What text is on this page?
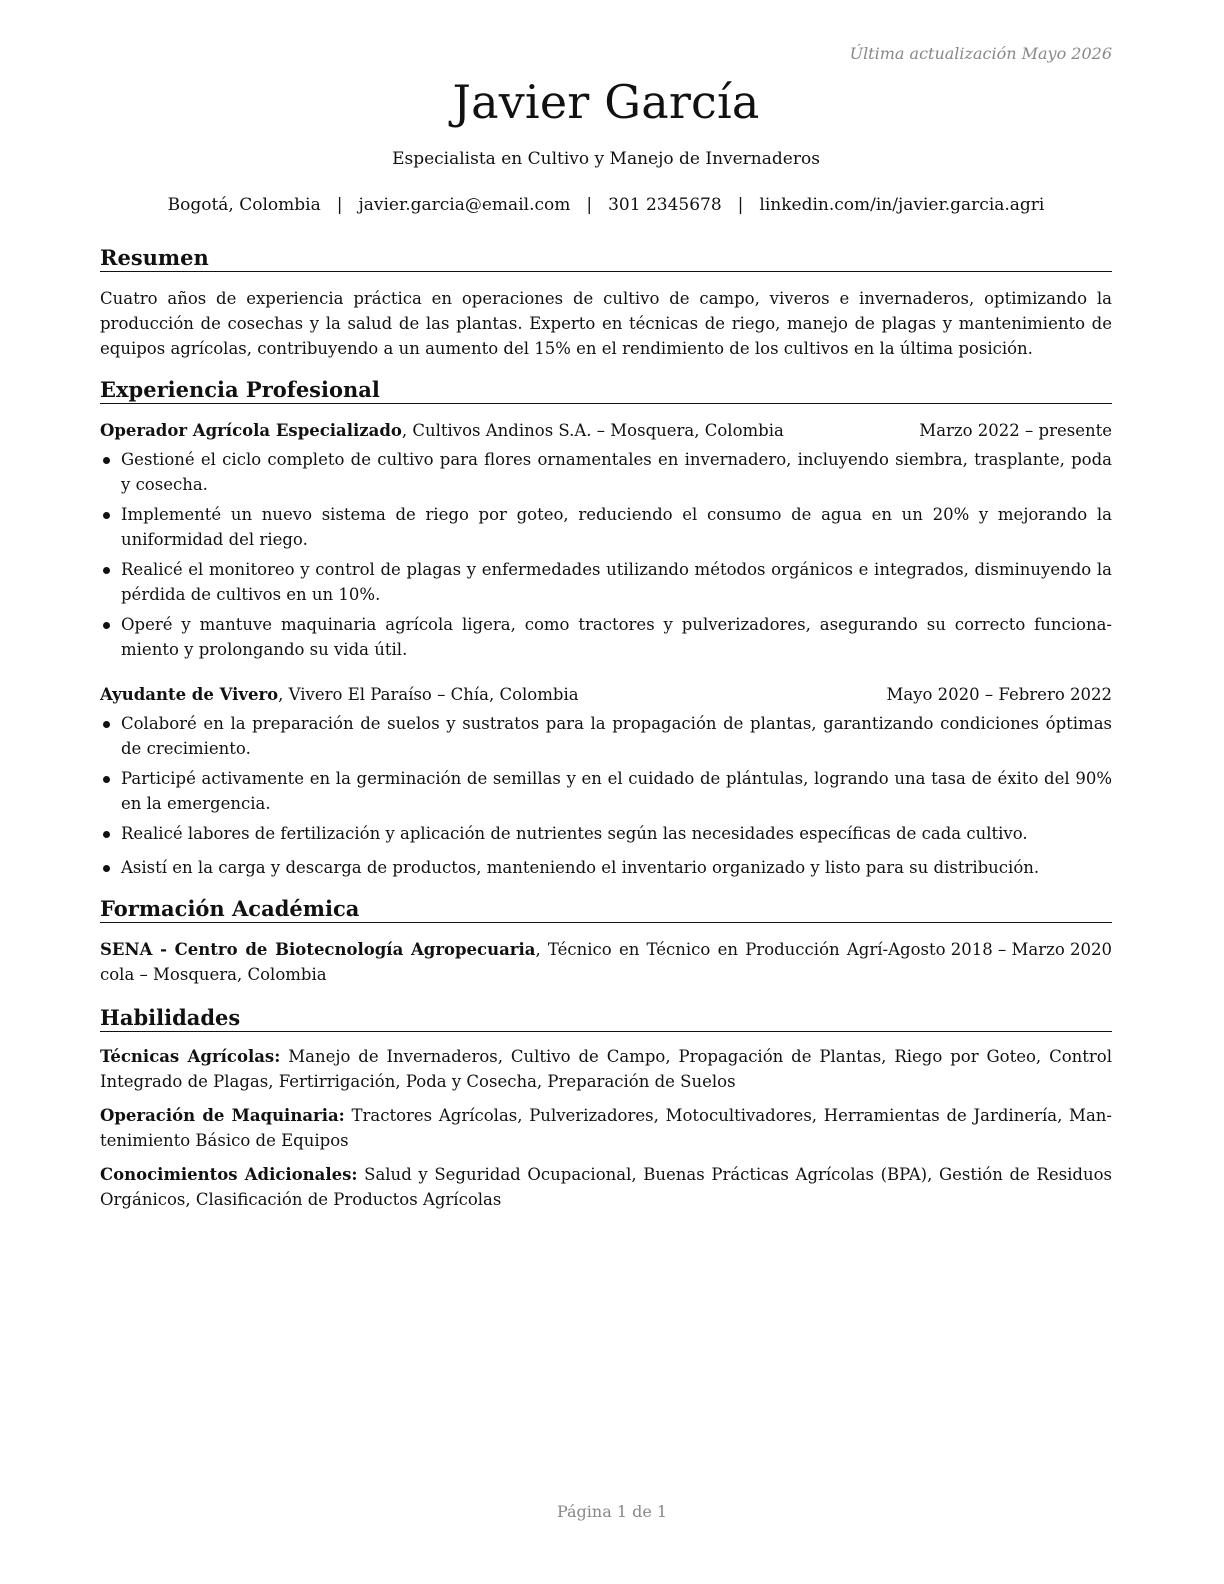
Última actualización Mayo 2026

Javier García

Especialista en Cultivo y Manejo de Invernaderos

Bogotá, Colombia | javier.garcia@email.com | 301 2345678 | linkedin.com/in/javier.garcia.agri
Resumen

Cuatro años de experiencia práctica en operaciones de cultivo de campo, viveros e invernaderos, optimizando la producción de cosechas y la salud de las plantas. Experto en técnicas de riego, manejo de plagas y mantenimiento de equipos agrícolas, contribuyendo a un aumento del 15% en el rendimiento de los cultivos en la última posición.

Experiencia Profesional
Operador Agrícola Especializado, Cultivos Andinos S.A. – Mosquera, Colombia	Marzo 2022 – presente
Gestioné el ciclo completo de cultivo para flores ornamentales en invernadero, incluyendo siembra, trasplante, poda y cosecha.
Implementé un nuevo sistema de riego por goteo, reduciendo el consumo de agua en un 20% y mejorando la uniformidad del riego.
Realicé el monitoreo y control de plagas y enfermedades utilizando métodos orgánicos e integrados, disminuyendo la pérdida de cultivos en un 10%.
Operé y mantuve maquinaria agrícola ligera, como tractores y pulverizadores, asegurando su correcto funcionamiento y prolongando su vida útil.
Ayudante de Vivero, Vivero El Paraíso – Chía, Colombia	Mayo 2020 – Febrero 2022
Colaboré en la preparación de suelos y sustratos para la propagación de plantas, garantizando condiciones óptimas de crecimiento.
Participé activamente en la germinación de semillas y en el cuidado de plántulas, logrando una tasa de éxito del 90% en la emergencia.
Realicé labores de fertilización y aplicación de nutrientes según las necesidades específicas de cada cultivo.
Asistí en la carga y descarga de productos, manteniendo el inventario organizado y listo para su distribución.
Formación Académica
Agosto 2018 – Marzo 2020
SENA - Centro de Biotecnología Agropecuaria, Técnico en Técnico en Producción Agrícola – Mosquera, Colombia
Habilidades
Técnicas Agrícolas: Manejo de Invernaderos, Cultivo de Campo, Propagación de Plantas, Riego por Goteo, Control Integrado de Plagas, Fertirrigación, Poda y Cosecha, Preparación de Suelos
Operación de Maquinaria: Tractores Agrícolas, Pulverizadores, Motocultivadores, Herramientas de Jardinería, Mantenimiento Básico de Equipos
Conocimientos Adicionales: Salud y Seguridad Ocupacional, Buenas Prácticas Agrícolas (BPA), Gestión de Residuos Orgánicos, Clasificación de Productos Agrícolas
Página 1 de 1
